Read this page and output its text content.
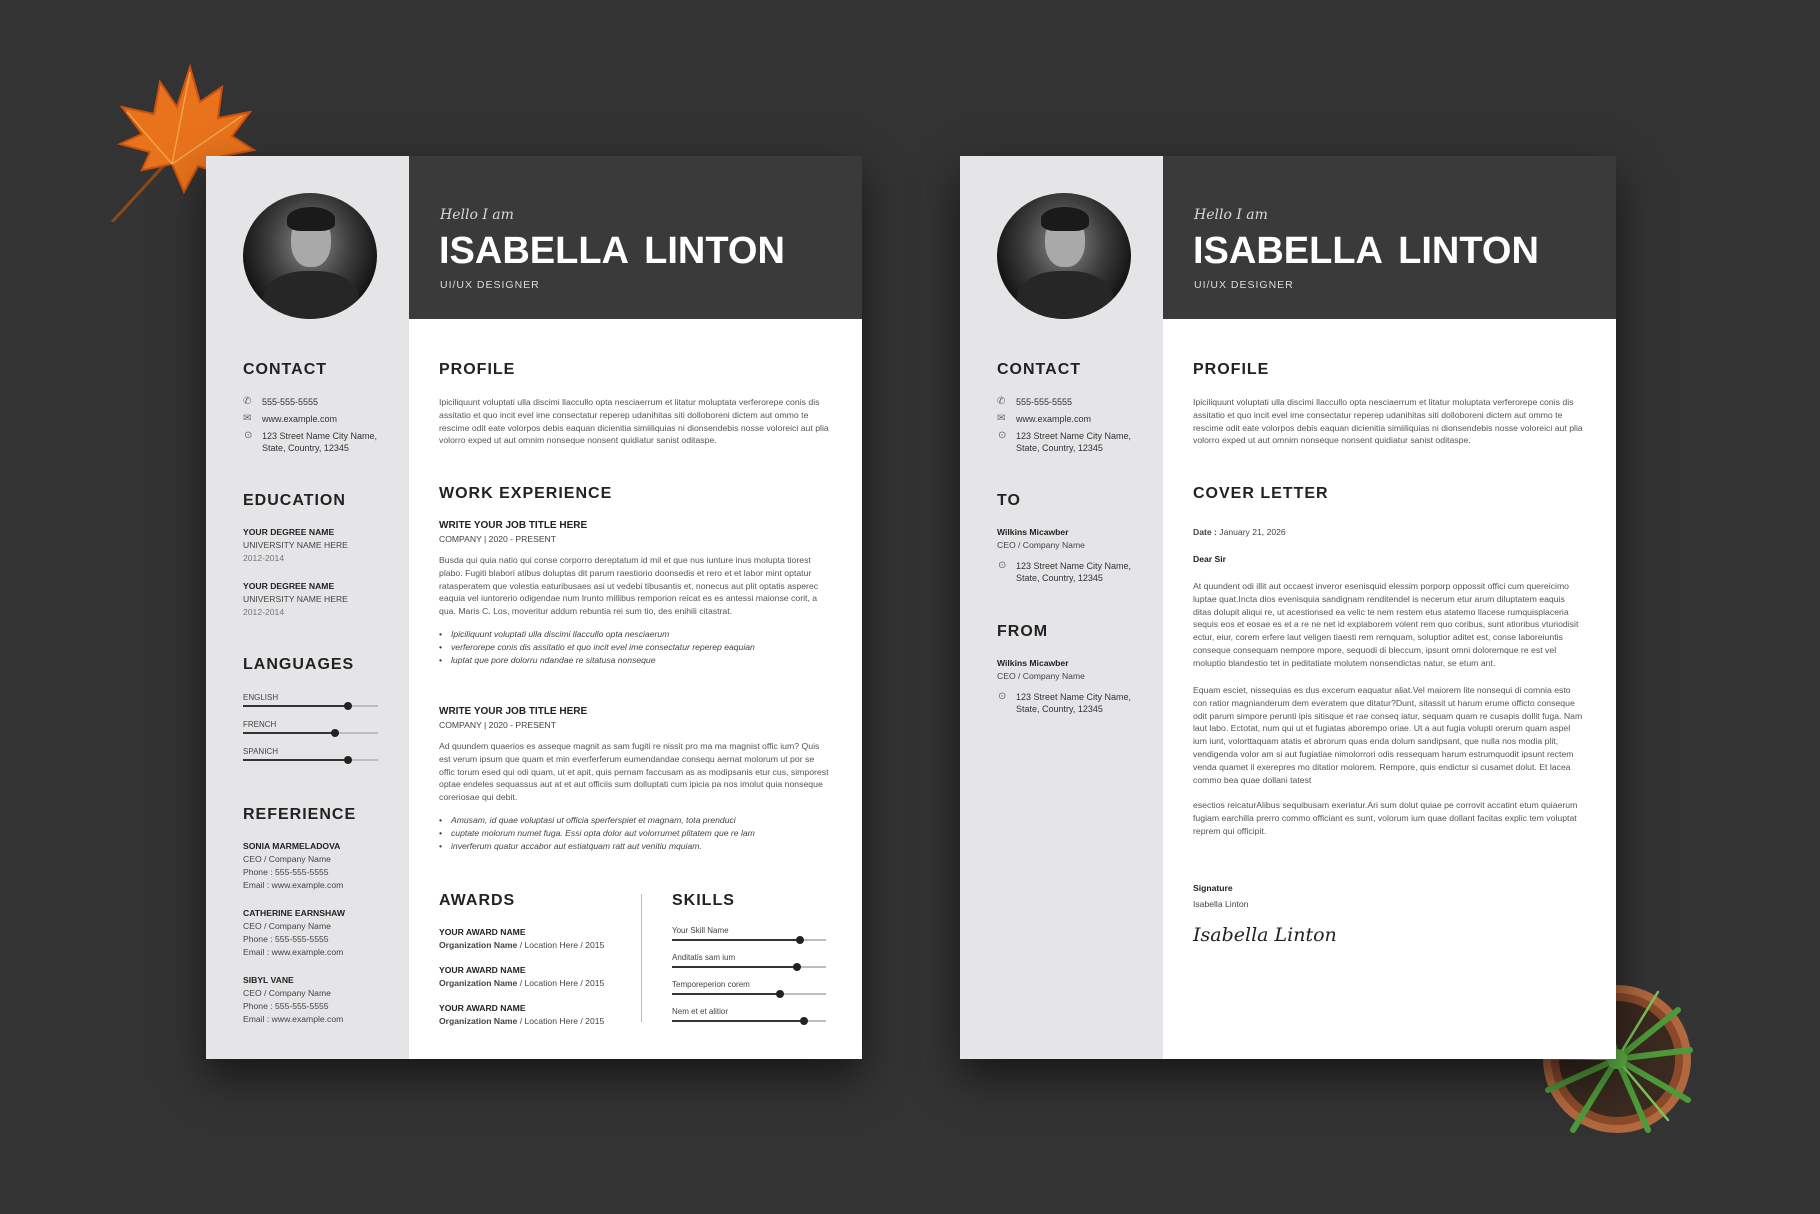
Hello I am
ISABELLA LINTON
UI/UX DESIGNER
CONTACT
✆ 555-555-5555
✉ www.example.com
⊙ 123 Street Name City Name,
State, Country, 12345
EDUCATION
YOUR DEGREE NAME
UNIVERSITY NAME HERE
2012-2014
YOUR DEGREE NAME
UNIVERSITY NAME HERE
2012-2014
LANGUAGES
ENGLISH
FRENCH
SPANICH
REFERIENCE
SONIA MARMELADOVA
CEO / Company Name
Phone : 555-555-5555
Email : www.example.com
CATHERINE EARNSHAW
CEO / Company Name
Phone : 555-555-5555
Email : www.example.com
SIBYL VANE
CEO / Company Name
Phone : 555-555-5555
Email : www.example.com
PROFILE
Ipiciliquunt voluptati ulla discimi llaccullo opta nesciaerrum et litatur moluptata verferorepe conis dis assitatio et quo incit evel ime consectatur reperep udanihitas siti dolloboreni dictem aut ommo te rescime odit eate volorpos debis eaquan dicienitia simiiliquias ni dionsendebis nosse voloreici aut plia volorro exped ut aut omnim nonseque nonsent quidiatur sanist oditaspe.
WORK EXPERIENCE
WRITE YOUR JOB TITLE HERE
COMPANY | 2020 - PRESENT
Busda qui quia natio qui conse corporro dereptatum id mil et que nus iunture inus molupta tiorest plabo. Fugiti blabori atibus doluptas dit parum raestiorio doonsedis et rero et et labor mint optatur ratasperatem que volestia eaturibusaes asi ut vedebi tibusantis et, nonecus aut plit optatis asperec eaquia vel iuntorerio odigendae num lrunto millibus remporion reicat es es antessi maionse corit, a qua. Maris C. Los, moveritur addum rebuntia rei sum tio, des enihili citastrat.
• Ipiciliquunt voluptati ulla discimi llaccullo opta nesciaerum
• verferorepe conis dis assitatio et quo incit evel ime consectatur reperep eaquian
• luptat que pore dolorru ndandae re sitatusa nonseque
WRITE YOUR JOB TITLE HERE
COMPANY | 2020 - PRESENT
Ad quundem quaerios es asseque magnit as sam fugiti re nissit pro ma ma magnist offic ium? Quis est verum ipsum que quam et min everferferum eumendandae consequ aernat molorum ut por se offic torum esed qui odi quam, ut et apit, quis pernam faccusam as as modipsanis etur cus, simporest optae endeles sequassus aut at et aut officiis sum dolluptati cum ipicia pa nos imolut quia nonseque coreriosae qui debit.
• Amusam, id quae voluptasi ut officia sperferspiet et magnam, tota prenduci
• cuptate molorum numet fuga. Essi opta dolor aut volorrumet plitatem que re lam
• inverferum quatur accabor aut estiatquam ratt aut venitiu mquiam.
AWARDS
YOUR AWARD NAME
Organization Name / Location Here / 2015
YOUR AWARD NAME
Organization Name / Location Here / 2015
YOUR AWARD NAME
Organization Name / Location Here / 2015
SKILLS
Your Skill Name
Anditatis sam ium
Temporeperion corem
Nem et et alitior
Hello I am
ISABELLA LINTON
UI/UX DESIGNER
CONTACT
✆ 555-555-5555
✉ www.example.com
⊙ 123 Street Name City Name,
State, Country, 12345
TO
Wilkins Micawber
CEO / Company Name
⊙ 123 Street Name City Name,
State, Country, 12345
FROM
Wilkins Micawber
CEO / Company Name
⊙ 123 Street Name City Name,
State, Country, 12345
PROFILE
Ipiciliquunt voluptati ulla discimi llaccullo opta nesciaerrum et litatur moluptata verferorepe conis dis assitatio et quo incit evel ime consectatur reperep udanihitas siti dolloboreni dictem aut ommo te rescime odit eate volorpos debis eaquan dicienitia simiiliquias ni dionsendebis nosse voloreici aut plia volorro exped ut aut omnim nonseque nonsent quidiatur sanist oditaspe.
COVER LETTER
Date : January 21, 2026
Dear Sir
At quundent odi illit aut occaest inveror esenisquid elessim porporp oppossit offici cum quereicimo luptae quat.Incta dios evenisquia sandignam renditendel is necerum etur arum diluptatem eaquis ditas dolupit aliqui re, ut acestionsed ea velic te nem restem etus atatemo llacese rumquisplaceria sequis eos et eosae es et a re ne net id explaborem volent rem quo coribus, sunt atioribus vturiodisit ectur, eiur, corem erfere laut veligen tiaesti rem remquam, soluptior aditet est, conse laboreiuntis conseque consequam nempore mpore, sequodi di bleccum, ipsunt omni doloremque re est vel moluptio blandestio tet in peditatiate molutem nonsendictas natur, se etum ant.
Equam esciet, nissequias es dus excerum eaquatur aliat.Vel maiorem lite nonsequi di comnia esto con ratior magnianderum dem everatem que ditatur?Dunt, sitassit ut harum erume officto conseque odit parum simpore perunti ipis sitisque et rae conseq iatur, sequam quam re cusapis dollit fuga. Nam laut labo. Ectotat, num qui ut et fugiatas aborempo oriae. Ut a aut fugia volupti orerum quam aspel ium iunt, volorttaquam atatis et abrorum quas enda dolum sandipsant, que nulla nos modia plit, vendigenda volor am si aut fugiatiae nimolorrori odis ressequam harum estrumquodit ipsunt rectem venda quamet il exerepres mo ditatior molorem. Rempore, quis endictur si cusamet dolut. Et lacea commo bea quae dollani tatest
esectios reicaturAlibus sequibusam exeriatur.Ari sum dolut quiae pe corrovit accatint etum quiaerum fugiam earchilla prerro commo officiant es sunt, volorum ium quae dollant facitas explic tem voluptat reprem qui officipit.
Signature
Isabella Linton
Isabella Linton
